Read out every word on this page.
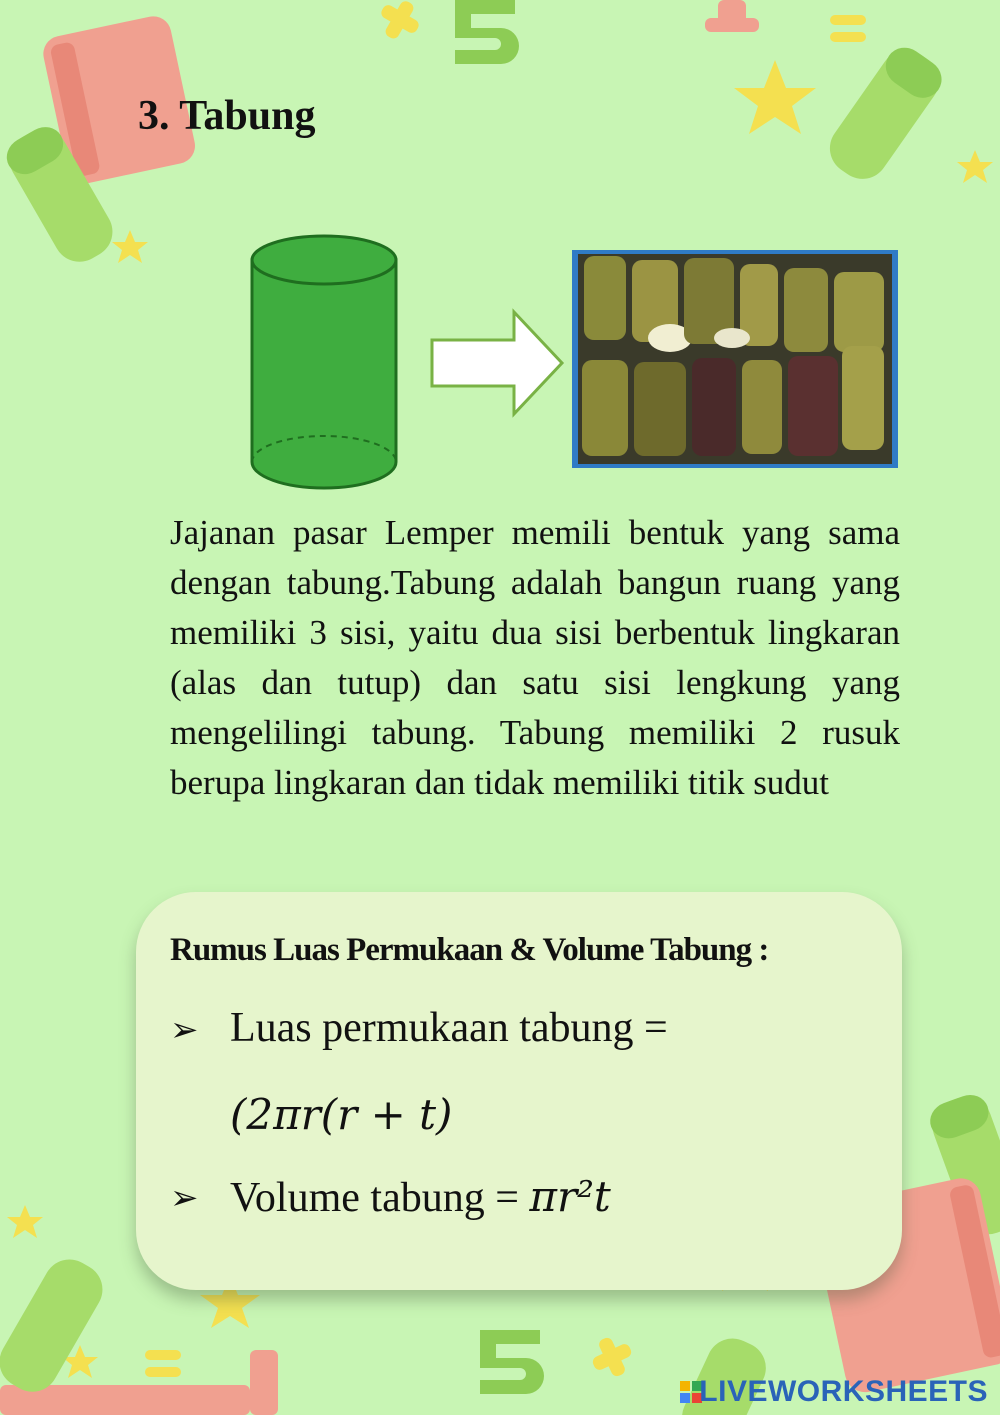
3. Tabung
Jajanan pasar Lemper memili bentuk yang sama dengan tabung.Tabung adalah bangun ruang yang memiliki 3 sisi, yaitu dua sisi berbentuk lingkaran (alas dan tutup) dan satu sisi lengkung yang mengelilingi tabung. Tabung memiliki 2 rusuk berupa lingkaran dan tidak memiliki titik sudut
Rumus Luas Permukaan & Volume Tabung :
➢ Luas permukaan tabung =
(2πr(r + t)
➢ Volume tabung = πr²t
LIVEWORKSHEETS
